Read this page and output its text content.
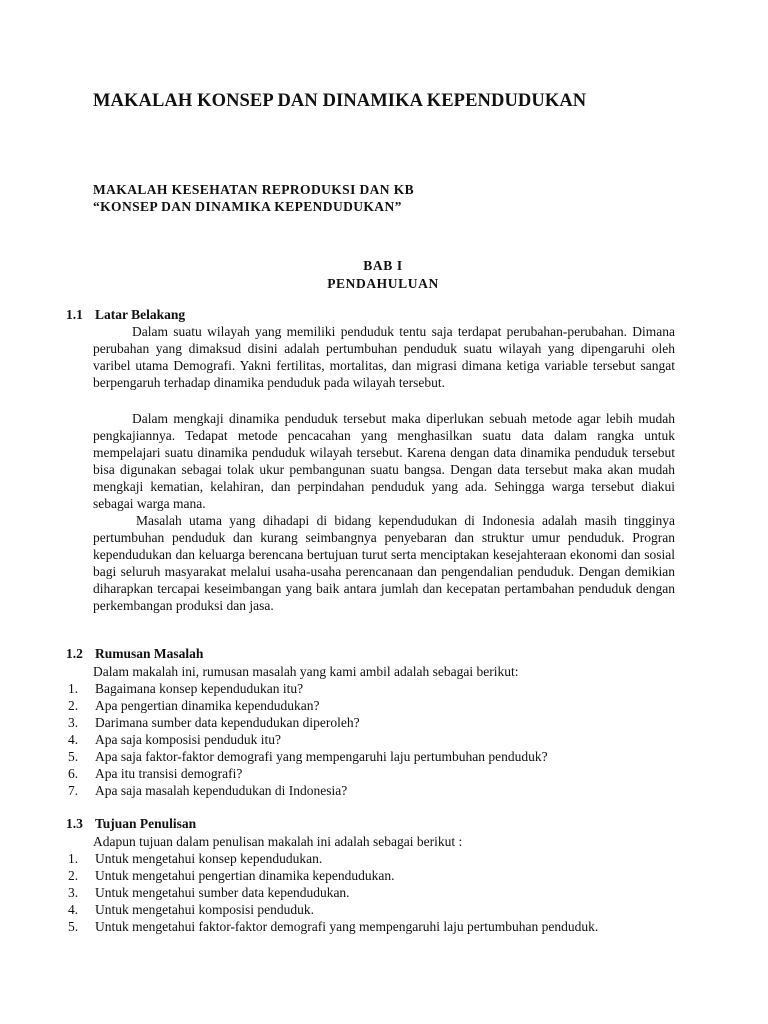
MAKALAH KONSEP DAN DINAMIKA KEPENDUDUKAN
MAKALAH KESEHATAN REPRODUKSI DAN KB
“KONSEP DAN DINAMIKA KEPENDUDUKAN”
BAB I
PENDAHULUAN
1.1 Latar Belakang

Dalam suatu wilayah yang memiliki penduduk tentu saja terdapat perubahan-perubahan. Dimana perubahan yang dimaksud disini adalah pertumbuhan penduduk suatu wilayah yang dipengaruhi oleh varibel utama Demografi. Yakni fertilitas, mortalitas, dan migrasi dimana ketiga variable tersebut sangat berpengaruh terhadap dinamika penduduk pada wilayah tersebut.

Dalam mengkaji dinamika penduduk tersebut maka diperlukan sebuah metode agar lebih mudah pengkajiannya. Tedapat metode pencacahan yang menghasilkan suatu data dalam rangka untuk mempelajari suatu dinamika penduduk wilayah tersebut. Karena dengan data dinamika penduduk tersebut bisa digunakan sebagai tolak ukur pembangunan suatu bangsa. Dengan data tersebut maka akan mudah mengkaji kematian, kelahiran, dan perpindahan penduduk yang ada. Sehingga warga tersebut diakui sebagai warga mana.

Masalah utama yang dihadapi di bidang kependudukan di Indonesia adalah masih tingginya pertumbuhan penduduk dan kurang seimbangnya penyebaran dan struktur umur penduduk. Progran kependudukan dan keluarga berencana bertujuan turut serta menciptakan kesejahteraan ekonomi dan sosial bagi seluruh masyarakat melalui usaha-usaha perencanaan dan pengendalian penduduk. Dengan demikian diharapkan tercapai keseimbangan yang baik antara jumlah dan kecepatan pertambahan penduduk dengan perkembangan produksi dan jasa.

1.2 Rumusan Masalah

Dalam makalah ini, rumusan masalah yang kami ambil adalah sebagai berikut:

1. Bagaimana konsep kependudukan itu?
2. Apa pengertian dinamika kependudukan?
3. Darimana sumber data kependudukan diperoleh?
4. Apa saja komposisi penduduk itu?
5. Apa saja faktor-faktor demografi yang mempengaruhi laju pertumbuhan penduduk?
6. Apa itu transisi demografi?
7. Apa saja masalah kependudukan di Indonesia?
1.3 Tujuan Penulisan

Adapun tujuan dalam penulisan makalah ini adalah sebagai berikut :

1. Untuk mengetahui konsep kependudukan.
2. Untuk mengetahui pengertian dinamika kependudukan.
3. Untuk mengetahui sumber data kependudukan.
4. Untuk mengetahui komposisi penduduk.
5. Untuk mengetahui faktor-faktor demografi yang mempengaruhi laju pertumbuhan penduduk.
